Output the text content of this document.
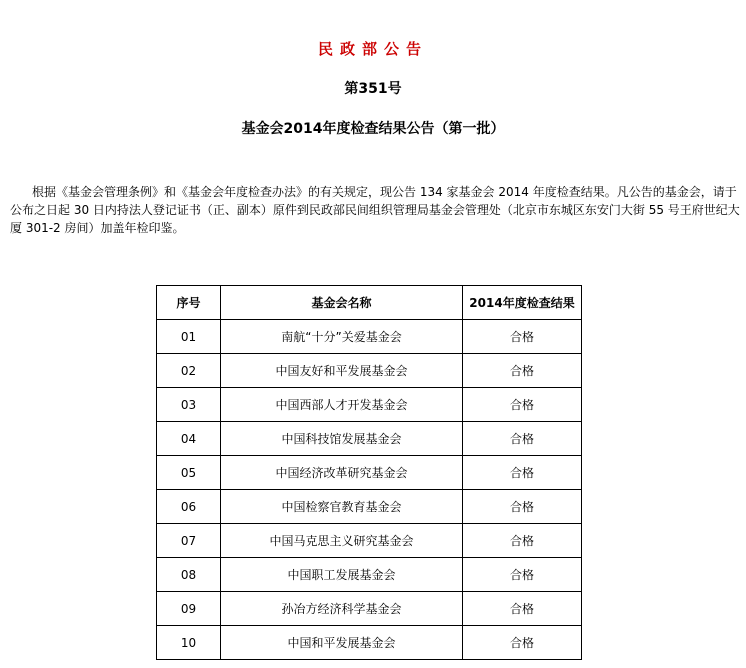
民政部公告
第351号
基金会2014年度检查结果公告（第一批）

根据《基金会管理条例》和《基金会年度检查办法》的有关规定，现公告 134 家基金会 2014 年度检查结果。凡公告的基金会，请于公布之日起 30 日内持法人登记证书（正、副本）原件到民政部民间组织管理局基金会管理处（北京市东城区东安门大街 55 号王府世纪大厦 301-2 房间）加盖年检印鉴。

序号	基金会名称	2014年度检查结果
01	南航“十分”关爱基金会	合格
02	中国友好和平发展基金会	合格
03	中国西部人才开发基金会	合格
04	中国科技馆发展基金会	合格
05	中国经济改革研究基金会	合格
06	中国检察官教育基金会	合格
07	中国马克思主义研究基金会	合格
08	中国职工发展基金会	合格
09	孙冶方经济科学基金会	合格
10	中国和平发展基金会	合格
